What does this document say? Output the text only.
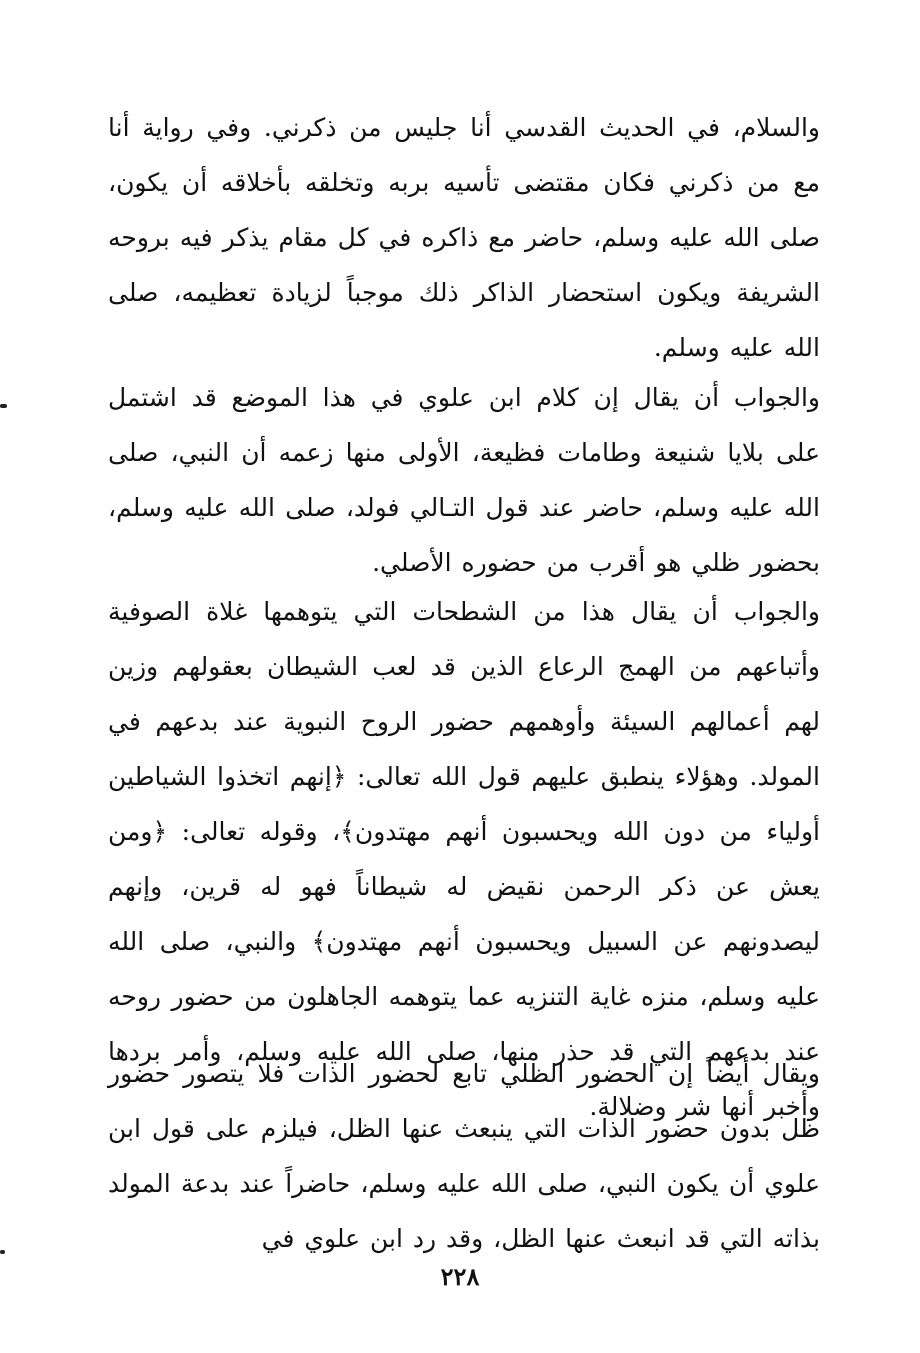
والسلام، في الحديث القدسي أنا جليس من ذكرني. وفي رواية أنا مع من ذكرني فكان مقتضى تأسيه بربه وتخلقه بأخلاقه أن يكون، صلى الله عليه وسلم، حاضر مع ذاكره في كل مقام يذكر فيه بروحه الشريفة ويكون استحضار الذاكر ذلك موجباً لزيادة تعظيمه، صلى الله عليه وسلم.

والجواب أن يقال إن كلام ابن علوي في هذا الموضع قد اشتمل على بلايا شنيعة وطامات فظيعة، الأولى منها زعمه أن النبي، صلى الله عليه وسلم، حاضر عند قول التـالي فولد، صلى الله عليه وسلم، بحضور ظلي هو أقرب من حضوره الأصلي.

والجواب أن يقال هذا من الشطحات التي يتوهمها غلاة الصوفية وأتباعهم من الهمج الرعاع الذين قد لعب الشيطان بعقولهم وزين لهم أعمالهم السيئة وأوهمهم حضور الروح النبوية عند بدعهم في المولد. وهؤلاء ينطبق عليهم قول الله تعالى: ﴿إنهم اتخذوا الشياطين أولياء من دون الله ويحسبون أنهم مهتدون﴾، وقوله تعالى: ﴿ومن يعش عن ذكر الرحمن نقيض له شيطاناً فهو له قرين، وإنهم ليصدونهم عن السبيل ويحسبون أنهم مهتدون﴾ والنبي، صلى الله عليه وسلم، منزه غاية التنزيه عما يتوهمه الجاهلون من حضور روحه عند بدعهم التي قد حذر منها، صلى الله عليه وسلم، وأمر بردها وأخبر أنها شر وضلالة.

ويقال أيضاً إن الحضور الظلي تابع لحضور الذات فلا يتصور حضور ظل بدون حضور الذات التي ينبعث عنها الظل، فيلزم على قول ابن علوي أن يكون النبي، صلى الله عليه وسلم، حاضراً عند بدعة المولد بذاته التي قد انبعث عنها الظل، وقد رد ابن علوي في

٢٢٨
